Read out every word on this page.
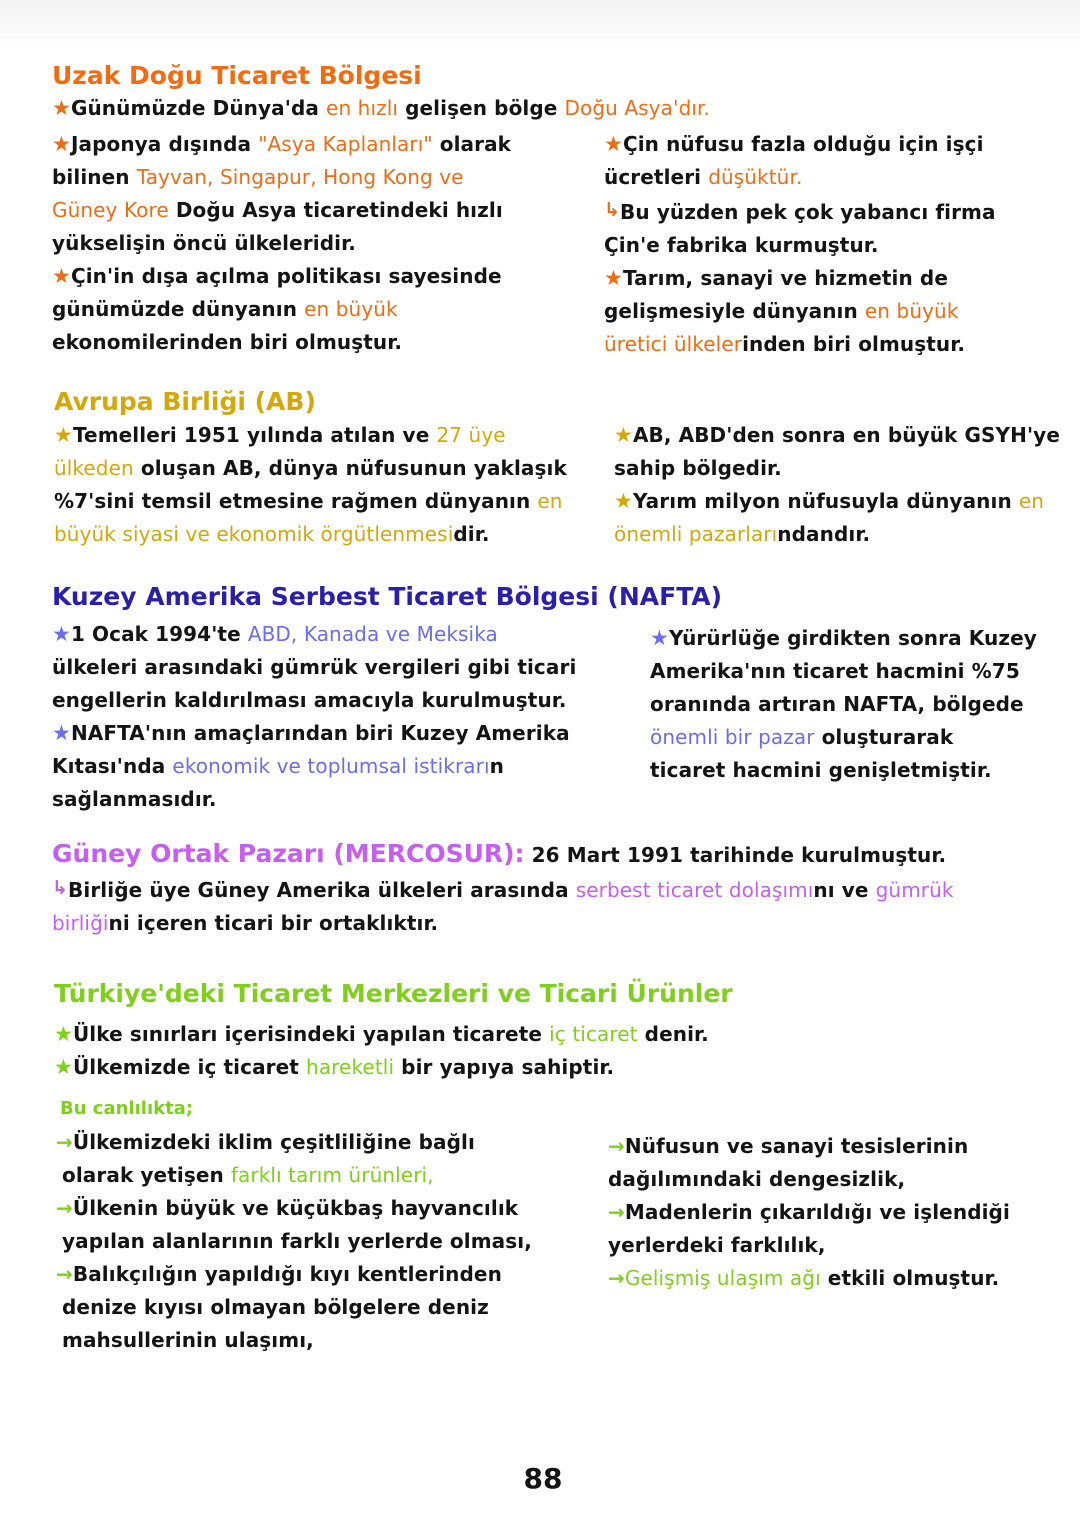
Uzak Doğu Ticaret Bölgesi
★Günümüzde Dünya'da en hızlı gelişen bölge Doğu Asya'dır.
★Japonya dışında "Asya Kaplanları" olarak
bilinen Tayvan, Singapur, Hong Kong ve
Güney Kore Doğu Asya ticaretindeki hızlı
yükselişin öncü ülkeleridir.
★Çin'in dışa açılma politikası sayesinde
günümüzde dünyanın en büyük
ekonomilerinden biri olmuştur.
★Çin nüfusu fazla olduğu için işçi
ücretleri düşüktür.
↳Bu yüzden pek çok yabancı firma
Çin'e fabrika kurmuştur.
★Tarım, sanayi ve hizmetin de
gelişmesiyle dünyanın en büyük
üretici ülkelerinden biri olmuştur.
Avrupa Birliği (AB)
★Temelleri 1951 yılında atılan ve 27 üye
ülkeden oluşan AB, dünya nüfusunun yaklaşık
%7'sini temsil etmesine rağmen dünyanın en
büyük siyasi ve ekonomik örgütlenmesidir.
★AB, ABD'den sonra en büyük GSYH'ye
sahip bölgedir.
★Yarım milyon nüfusuyla dünyanın en
önemli pazarlarındandır.
Kuzey Amerika Serbest Ticaret Bölgesi (NAFTA)
★1 Ocak 1994'te ABD, Kanada ve Meksika
ülkeleri arasındaki gümrük vergileri gibi ticari
engellerin kaldırılması amacıyla kurulmuştur.
★NAFTA'nın amaçlarından biri Kuzey Amerika
Kıtası'nda ekonomik ve toplumsal istikrarın
sağlanmasıdır.
★Yürürlüğe girdikten sonra Kuzey
Amerika'nın ticaret hacmini %75
oranında artıran NAFTA, bölgede
önemli bir pazar oluşturarak
ticaret hacmini genişletmiştir.
Güney Ortak Pazarı (MERCOSUR): 26 Mart 1991 tarihinde kurulmuştur.
↳Birliğe üye Güney Amerika ülkeleri arasında serbest ticaret dolaşımını ve gümrük
birliğini içeren ticari bir ortaklıktır.
Türkiye'deki Ticaret Merkezleri ve Ticari Ürünler
★Ülke sınırları içerisindeki yapılan ticarete iç ticaret denir.
★Ülkemizde iç ticaret hareketli bir yapıya sahiptir.
Bu canlılıkta;
→Ülkemizdeki iklim çeşitliliğine bağlı
olarak yetişen farklı tarım ürünleri,
→Ülkenin büyük ve küçükbaş hayvancılık
yapılan alanlarının farklı yerlerde olması,
→Balıkçılığın yapıldığı kıyı kentlerinden
denize kıyısı olmayan bölgelere deniz
mahsullerinin ulaşımı,
→Nüfusun ve sanayi tesislerinin
dağılımındaki dengesizlik,
→Madenlerin çıkarıldığı ve işlendiği
yerlerdeki farklılık,
→Gelişmiş ulaşım ağı etkili olmuştur.
88
